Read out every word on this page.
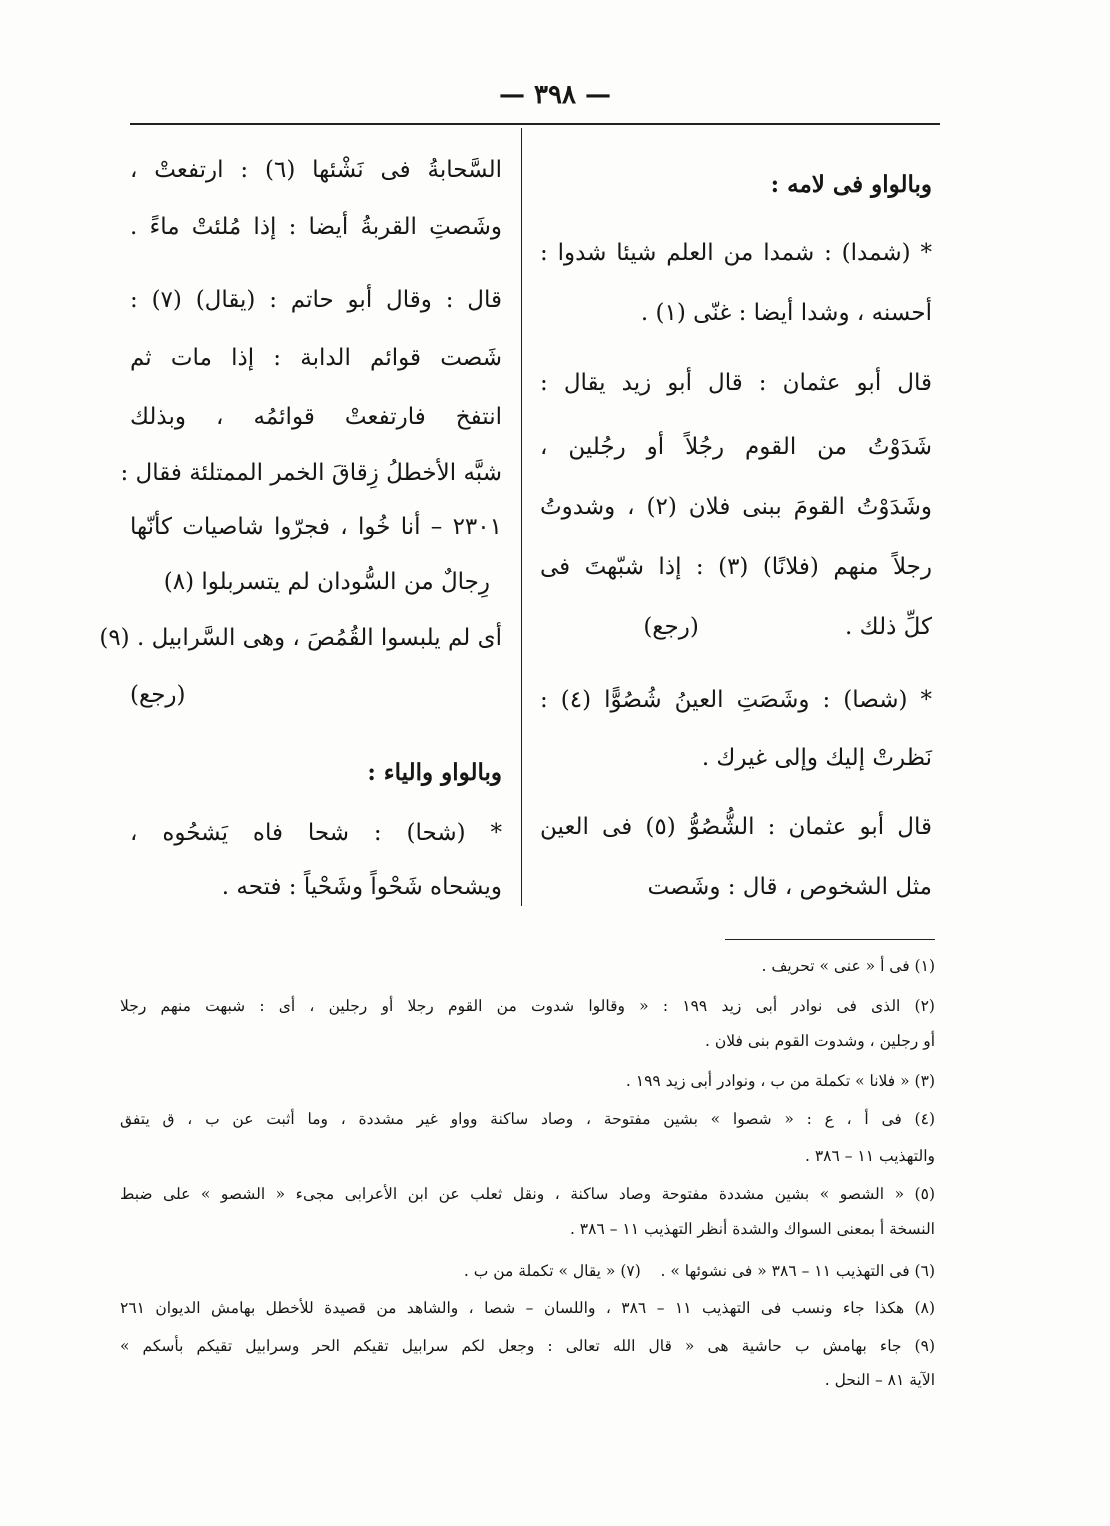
— ٣٩٨ —
وبالواو فى لامه :
* (شمدا) : شمدا من العلم شيئا شدوا :
أحسنه ، وشدا أيضا : غنّى (١) .
قال أبو عثمان : قال أبو زيد يقال :
شَدَوْتُ من القوم رجُلاً أو رجُلين ،
وشَدَوْتُ القومَ ببنى فلان (٢) ، وشدوتُ
رجلاً منهم (فلانًا) (٣) : إذا شبّهتَ فى
كلِّ ذلك .                    (رجع)
* (شصا) : وشَصَتِ العينُ شُصُوًّا (٤) :
نَظرتْ إليك وإلى غيرك .
قال أبو عثمان : الشُّصُوُّ (٥) فى العين
مثل الشخوص ، قال : وشَصت
السَّحابةُ فى نَشْئها (٦) : ارتفعتْ ،
وشَصتِ القربةُ أيضا : إذا مُلئتْ ماءً .
قال : وقال أبو حاتم : (يقال) (٧) :
شَصت قوائم الدابة : إذا مات ثم
انتفخ فارتفعتْ قوائمُه ، وبذلك
شبَّه الأخطلُ زِقاقَ الخمر الممتلئة فقال :
٢٣٠١ – أنا خُوا ، فجرّوا شاصيات كأنّها
رِجالٌ من السُّودان لم يتسربلوا (٨)
أى لم يلبسوا القُمُصَ ، وهى السَّرابيل . (٩)
(رجع)
وبالواو والياء :
* (شحا) : شحا فاه يَشحُوه ،
ويشحاه شَحْواً وشَحْياً : فتحه .
(١) فى أ « عنى » تحريف .
(٢) الذى فى نوادر أبى زيد ١٩٩ : « وقالوا شدوت من القوم رجلا أو رجلين ، أى : شبهت منهم رجلا
أو رجلين ، وشدوت القوم بنى فلان .
(٣) « فلانا » تكملة من ب ، ونوادر أبى زيد ١٩٩ .
(٤) فى أ ، ع : « شصوا » بشين مفتوحة ، وصاد ساكنة وواو غير مشددة ، وما أثبت عن ب ، ق يتفق
والتهذيب ١١ – ٣٨٦ .
(٥) « الشصو » بشين مشددة مفتوحة وصاد ساكنة ، ونقل ثعلب عن ابن الأعرابى مجىء « الشصو » على ضبط
النسخة أ بمعنى السواك والشدة أنظر التهذيب ١١ – ٣٨٦ .
(٦) فى التهذيب ١١ – ٣٨٦ « فى نشوئها » .    (٧) « يقال » تكملة من ب .
(٨) هكذا جاء ونسب فى التهذيب ١١ – ٣٨٦ ، واللسان – شصا ، والشاهد من قصيدة للأخطل بهامش الديوان ٢٦١
(٩) جاء بهامش ب حاشية هى « قال الله تعالى : وجعل لكم سرابيل تقيكم الحر وسرابيل تقيكم بأسكم »
الآية ٨١ – النحل .
